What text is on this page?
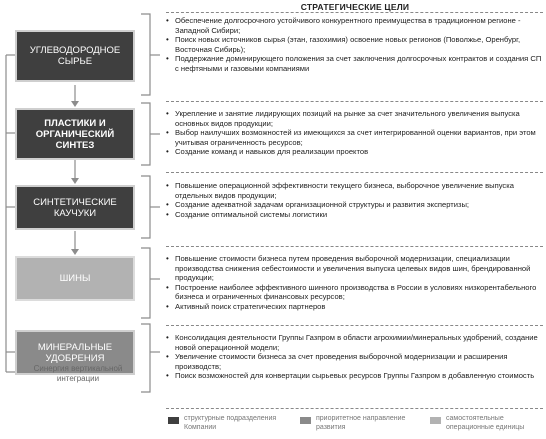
СТРАТЕГИЧЕСКИЕ ЦЕЛИ
УГЛЕВОДОРОДНОЕ СЫРЬЕ
ПЛАСТИКИ И ОРГАНИЧЕСКИЙ СИНТЕЗ
СИНТЕТИЧЕСКИЕ КАУЧУКИ
ШИНЫ
МИНЕРАЛЬНЫЕ УДОБРЕНИЯ
Синергия вертикальной интеграции
• Обеспечение долгосрочного устойчивого конкурентного преимущества в традиционном регионе - Западной Сибири;
• Поиск новых источников сырья (этан, газохимия) освоение новых регионов (Поволжье, Оренбург, Восточная Сибирь);
• Поддержание доминирующего положения за счет заключения долгосрочных контрактов и создания СП с нефтяными и газовыми компаниями
• Укрепление и занятие лидирующих позиций на рынке за счет значительного увеличения выпуска основных видов продукции;
• Выбор наилучших возможностей из имеющихся за счет интегрированной оценки вариантов, при этом учитывая ограниченность ресурсов;
• Создание команд и навыков для реализации проектов
• Повышение операционной эффективности текущего бизнеса, выборочное увеличение выпуска отдельных видов продукции;
• Создание адекватной задачам организационной структуры и развития экспертизы;
• Создание оптимальной системы логистики
• Повышение стоимости бизнеса путем проведения выборочной модернизации, специализации производства снижения себестоимости и увеличения выпуска целевых видов шин, брендированной продукции;
• Построение наиболее эффективного шинного производства в России в условиях низкорентабельного бизнеса и ограниченных финансовых ресурсов;
• Активный поиск стратегических партнеров
• Консолидация деятельности Группы Газпром в области агрохимии/минеральных удобрений, создание новой операционной модели;
• Увеличение стоимости бизнеса за счет проведения выборочной модернизации и расширения производств;
• Поиск возможностей для конвертации сырьевых ресурсов Группы Газпром в добавленную стоимость
структурные подразделения Компании
приоритетное направление развития
самостоятельные операционные единицы
